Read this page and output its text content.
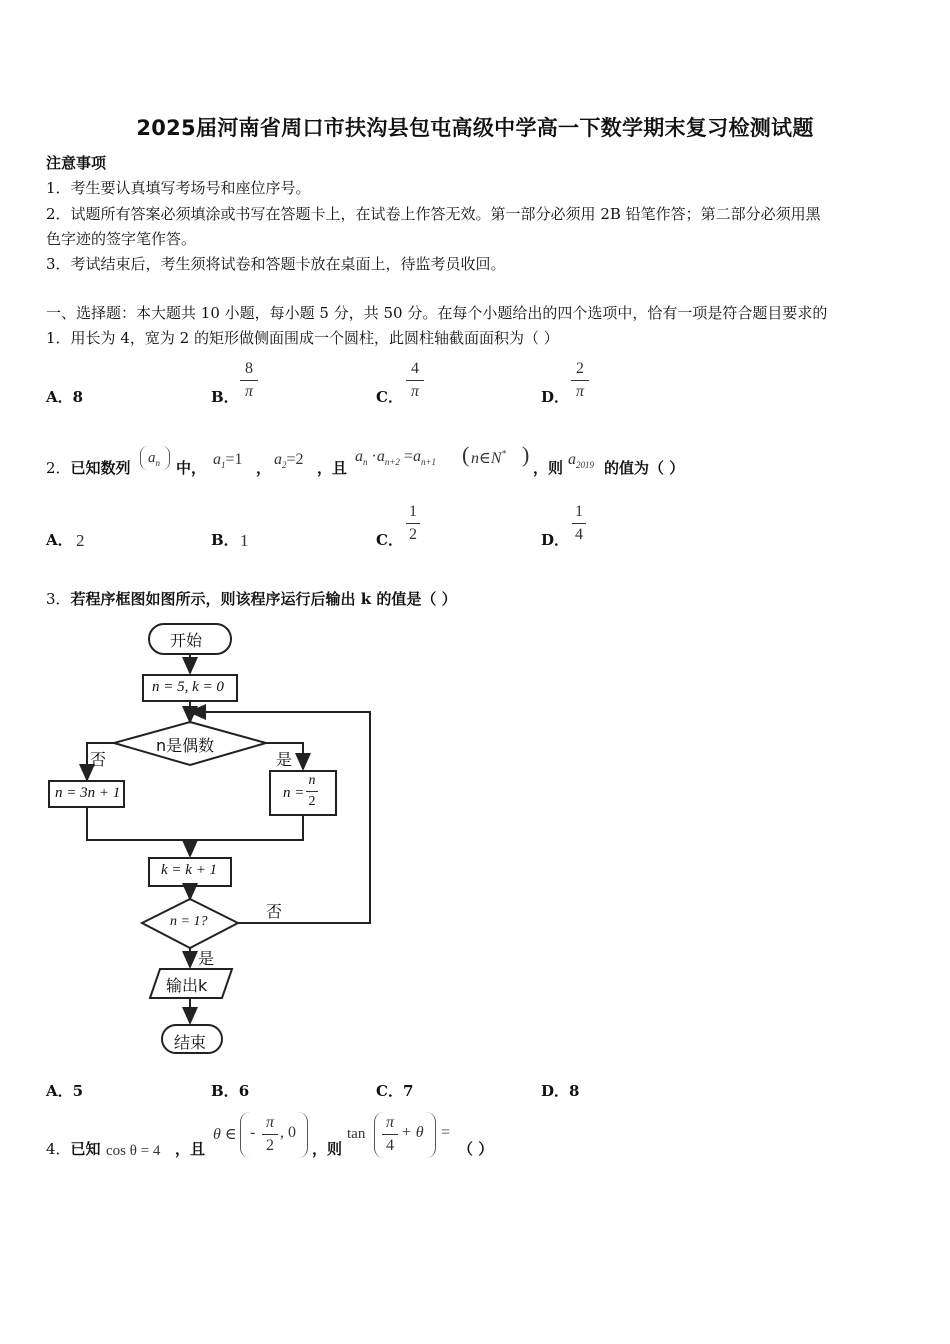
2025届河南省周口市扶沟县包屯高级中学高一下数学期末复习检测试题
注意事项
1．考生要认真填写考场号和座位序号。
2．试题所有答案必须填涂或书写在答题卡上，在试卷上作答无效。第一部分必须用 2B 铅笔作答；第二部分必须用黑
色字迹的签字笔作答。
3．考试结束后，考生须将试卷和答题卡放在桌面上，待监考员收回。
一、选择题：本大题共 10 小题，每小题 5 分，共 50 分。在每个小题给出的四个选项中，恰有一项是符合题目要求的
1．用长为 4，宽为 2 的矩形做侧面围成一个圆柱，此圆柱轴截面面积为（ ）
A．8	B．
8
π	C．
4
π	D．
2
π
2．已知数列
$a_n$ 中， $a_1=1$ ， $a_2=2$ ，且
$a_n \cdot a_{n+2} =a_{n+1}$ ( n∈N* )
，则 $a_{2019}$ 的值为（ ）
A． 2	B． 1	C．
1
2	D．
1
4
3．若程序框图如图所示，则该程序运行后输出 k 的值是（ ）
开始
n = 5, k = 0
n是偶数
否	是
n = 3n + 1	n =
n
2
k = k + 1
n = 1?
否
是
输出k
结束
A．5	B．6	C．7	D．8
4．已知 cos θ = 4 ，且
θ ∈ -
π
2
, 0
，则
tan
π
4
+ θ =
（ ）
